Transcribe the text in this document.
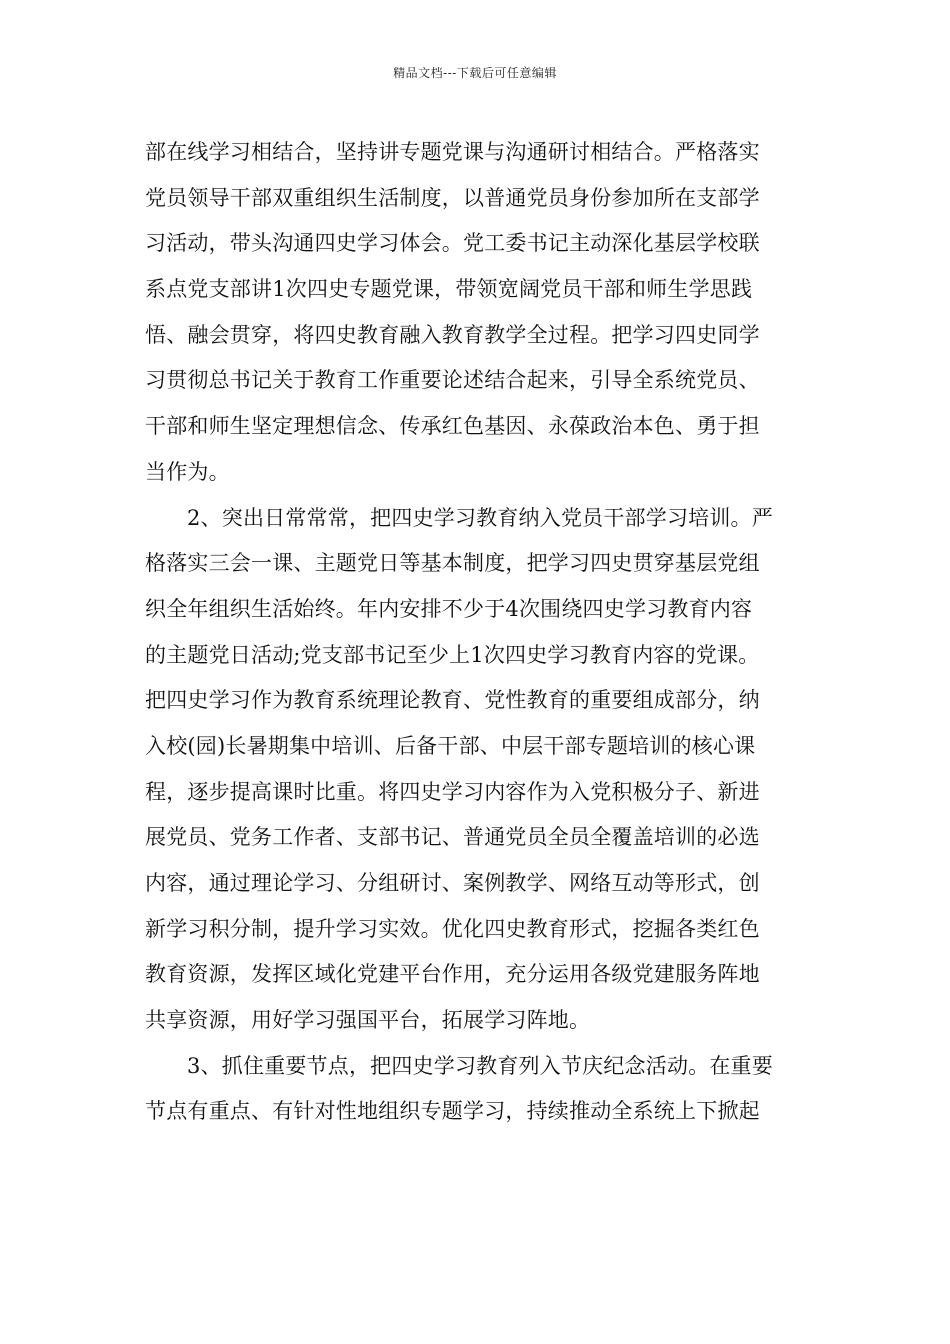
精品文档---下载后可任意编辑
部在线学习相结合，坚持讲专题党课与沟通研讨相结合。严格落实
党员领导干部双重组织生活制度，以普通党员身份参加所在支部学
习活动，带头沟通四史学习体会。党工委书记主动深化基层学校联
系点党支部讲1次四史专题党课，带领宽阔党员干部和师生学思践
悟、融会贯穿，将四史教育融入教育教学全过程。把学习四史同学
习贯彻总书记关于教育工作重要论述结合起来，引导全系统党员、
干部和师生坚定理想信念、传承红色基因、永葆政治本色、勇于担
当作为。
2、突出日常常常，把四史学习教育纳入党员干部学习培训。严
格落实三会一课、主题党日等基本制度，把学习四史贯穿基层党组
织全年组织生活始终。年内安排不少于4次围绕四史学习教育内容
的主题党日活动;党支部书记至少上1次四史学习教育内容的党课。
把四史学习作为教育系统理论教育、党性教育的重要组成部分，纳
入校(园)长暑期集中培训、后备干部、中层干部专题培训的核心课
程，逐步提高课时比重。将四史学习内容作为入党积极分子、新进
展党员、党务工作者、支部书记、普通党员全员全覆盖培训的必选
内容，通过理论学习、分组研讨、案例教学、网络互动等形式，创
新学习积分制，提升学习实效。优化四史教育形式，挖掘各类红色
教育资源，发挥区域化党建平台作用，充分运用各级党建服务阵地
共享资源，用好学习强国平台，拓展学习阵地。
3、抓住重要节点，把四史学习教育列入节庆纪念活动。在重要
节点有重点、有针对性地组织专题学习，持续推动全系统上下掀起
